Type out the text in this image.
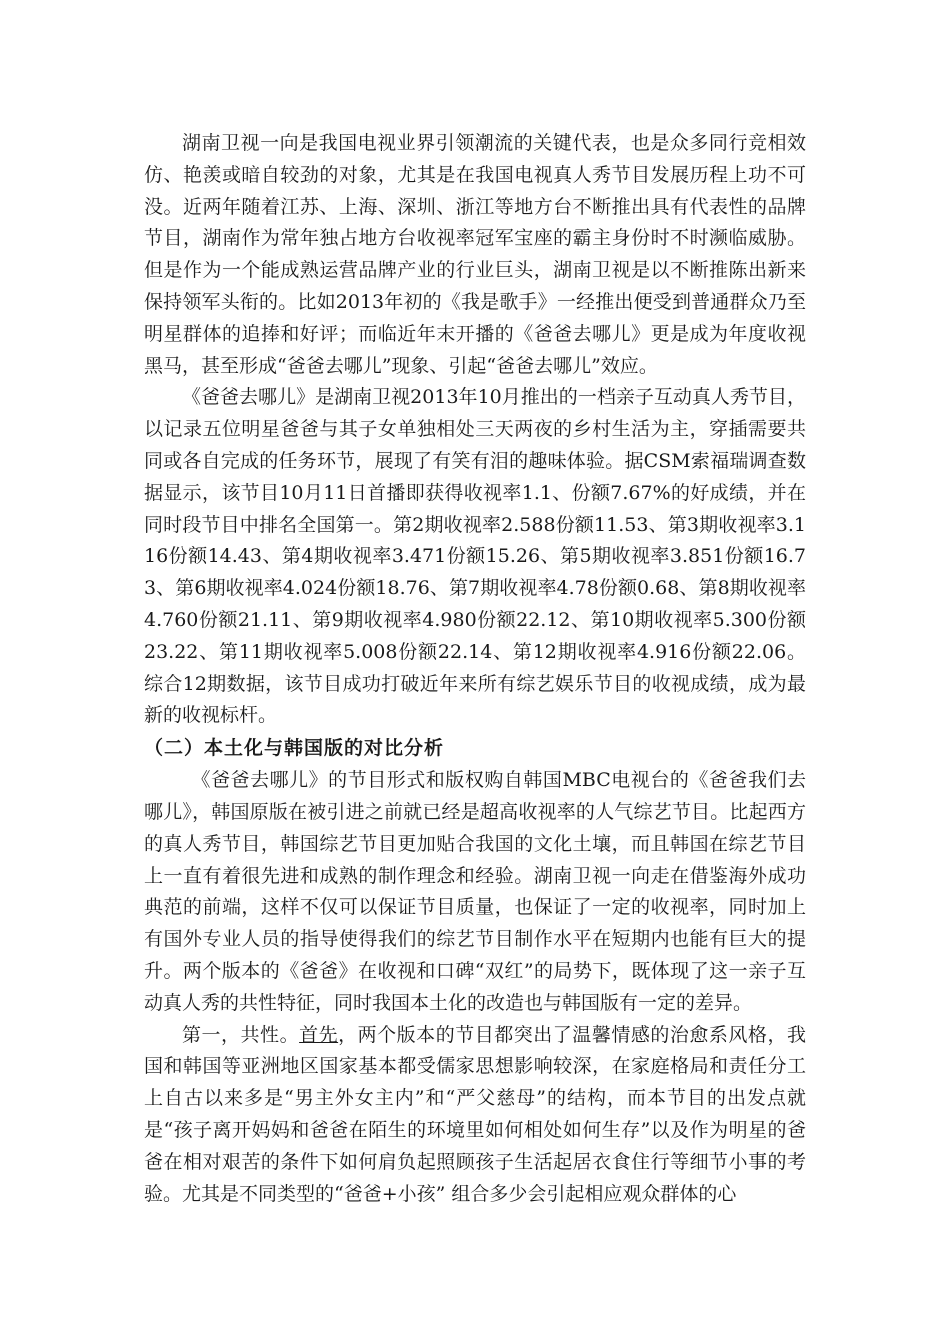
湖南卫视一向是我国电视业界引领潮流的关键代表，也是众多同行竞相效仿、艳羡或暗自较劲的对象，尤其是在我国电视真人秀节目发展历程上功不可没。近两年随着江苏、上海、深圳、浙江等地方台不断推出具有代表性的品牌节目，湖南作为常年独占地方台收视率冠军宝座的霸主身份时不时濒临威胁。但是作为一个能成熟运营品牌产业的行业巨头，湖南卫视是以不断推陈出新来保持领军头衔的。比如2013年初的《我是歌手》一经推出便受到普通群众乃至明星群体的追捧和好评；而临近年末开播的《爸爸去哪儿》更是成为年度收视黑马，甚至形成“爸爸去哪儿”现象、引起“爸爸去哪儿”效应。

《爸爸去哪儿》是湖南卫视2013年10月推出的一档亲子互动真人秀节目，以记录五位明星爸爸与其子女单独相处三天两夜的乡村生活为主，穿插需要共同或各自完成的任务环节，展现了有笑有泪的趣味体验。据CSM索福瑞调查数据显示，该节目10月11日首播即获得收视率1.1、份额7.67%的好成绩，并在同时段节目中排名全国第一。第2期收视率2.588份额11.53、第3期收视率3.116份额14.43、第4期收视率3.471份额15.26、第5期收视率3.851份额16.73、第6期收视率4.024份额18.76、第7期收视率4.78份额0.68、第8期收视率4.760份额21.11、第9期收视率4.980份额22.12、第10期收视率5.300份额23.22、第11期收视率5.008份额22.14、第12期收视率4.916份额22.06。综合12期数据，该节目成功打破近年来所有综艺娱乐节目的收视成绩，成为最新的收视标杆。

（二）本土化与韩国版的对比分析

《爸爸去哪儿》的节目形式和版权购自韩国MBC电视台的《爸爸我们去哪儿》，韩国原版在被引进之前就已经是超高收视率的人气综艺节目。比起西方的真人秀节目，韩国综艺节目更加贴合我国的文化土壤，而且韩国在综艺节目上一直有着很先进和成熟的制作理念和经验。湖南卫视一向走在借鉴海外成功典范的前端，这样不仅可以保证节目质量，也保证了一定的收视率，同时加上有国外专业人员的指导使得我们的综艺节目制作水平在短期内也能有巨大的提升。两个版本的《爸爸》在收视和口碑“双红”的局势下，既体现了这一亲子互动真人秀的共性特征，同时我国本土化的改造也与韩国版有一定的差异。

第一，共性。首先，两个版本的节目都突出了温馨情感的治愈系风格，我国和韩国等亚洲地区国家基本都受儒家思想影响较深，在家庭格局和责任分工上自古以来多是“男主外女主内”和“严父慈母”的结构，而本节目的出发点就是“孩子离开妈妈和爸爸在陌生的环境里如何相处如何生存”以及作为明星的爸爸在相对艰苦的条件下如何肩负起照顾孩子生活起居衣食住行等细节小事的考验。尤其是不同类型的“爸爸+小孩” 组合多少会引起相应观众群体的心
